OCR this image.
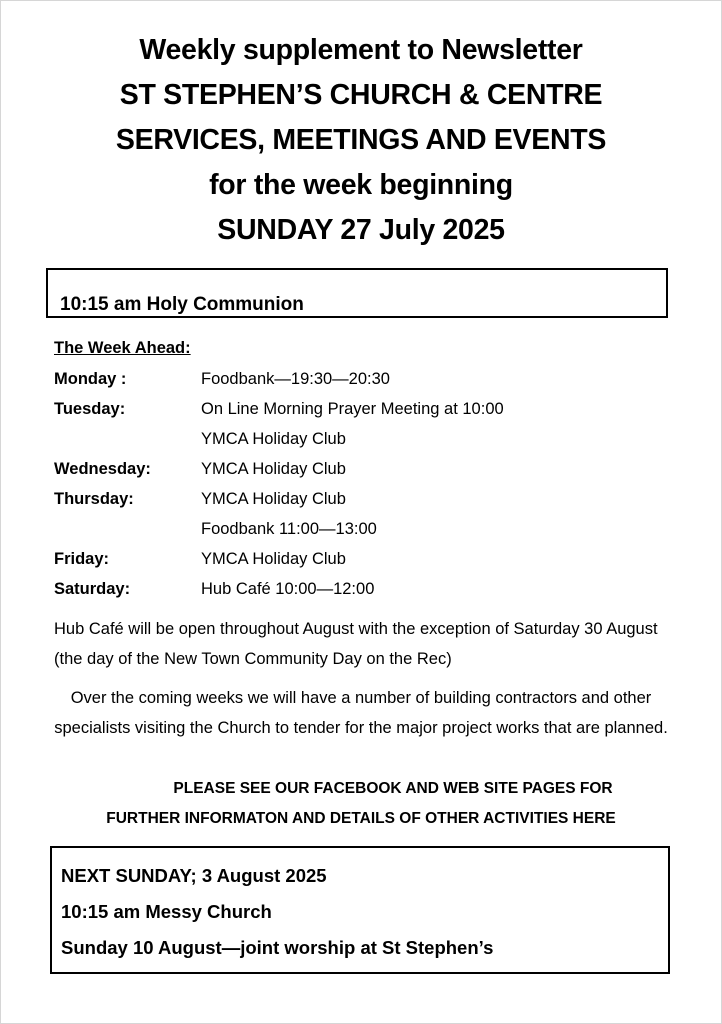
Weekly supplement to Newsletter
ST STEPHEN’S CHURCH & CENTRE
SERVICES, MEETINGS AND EVENTS
for the week beginning
SUNDAY 27 July 2025
10:15 am Holy Communion
The Week Ahead:
Monday :	Foodbank—19:30—20:30
Tuesday:	On Line Morning Prayer Meeting at 10:00
YMCA Holiday Club
Wednesday:	YMCA Holiday Club
Thursday:	YMCA Holiday Club
Foodbank 11:00—13:00
Friday:	YMCA Holiday Club
Saturday:	Hub Café 10:00—12:00
Hub Café will be open throughout August with the exception of Saturday 30 August (the day of the New Town Community Day on the Rec)
Over the coming weeks we will have a number of building contractors and other specialists visiting the Church to tender for the major project works that are planned.
PLEASE SEE OUR FACEBOOK AND WEB SITE PAGES FOR
FURTHER INFORMATON AND DETAILS OF OTHER ACTIVITIES HERE
NEXT SUNDAY; 3 August 2025
10:15 am Messy Church
Sunday 10 August—joint worship at St Stephen’s
